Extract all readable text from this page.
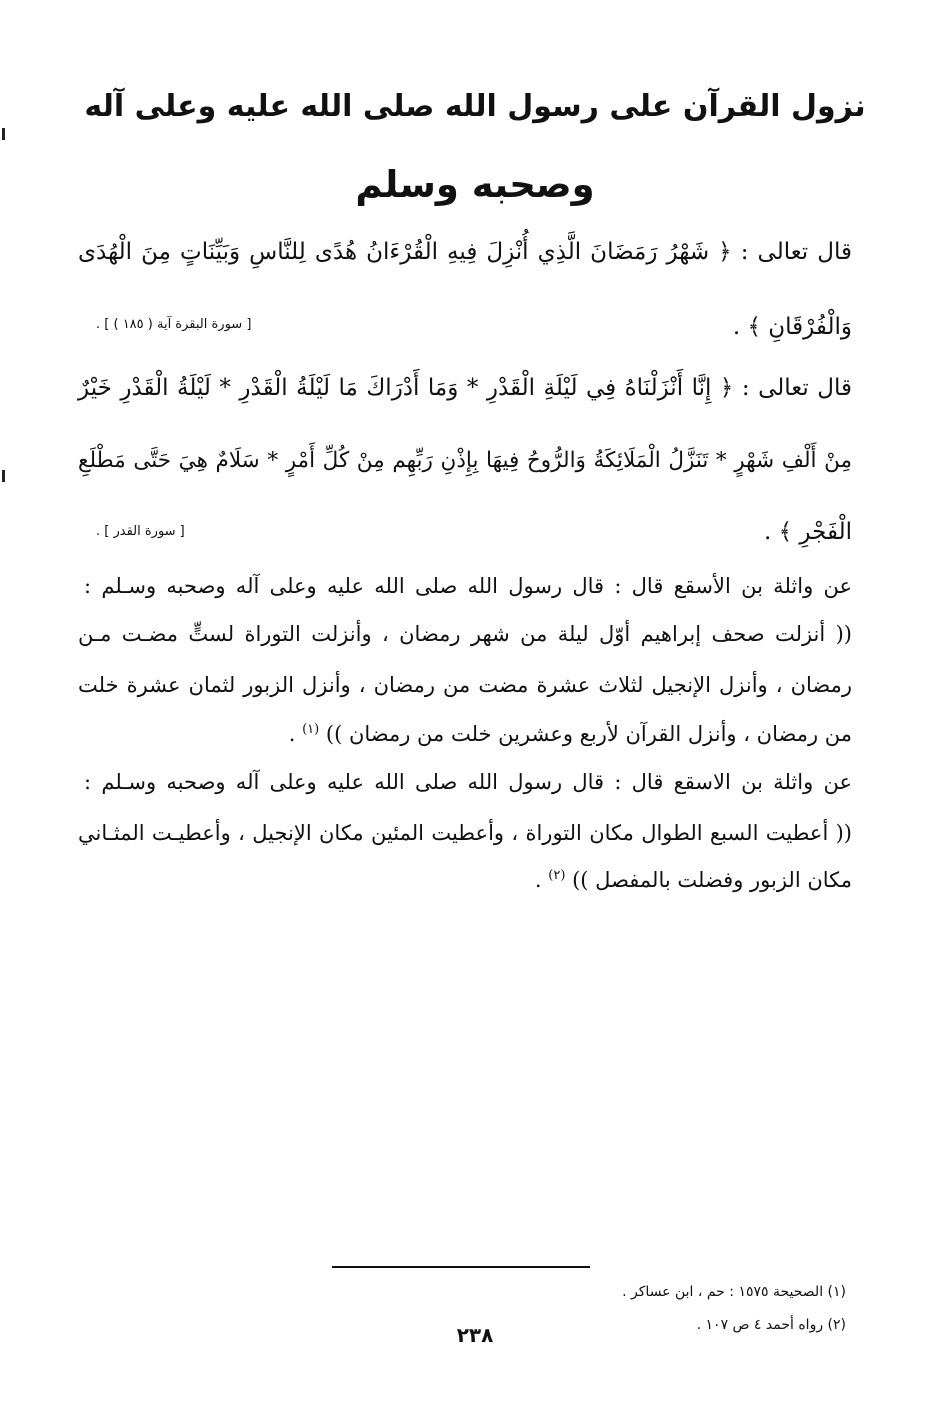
نزول القرآن على رسول الله صلى الله عليه وعلى آله
وصحبه وسلم
قال تعالى : ﴿ شَهْرُ رَمَضَانَ الَّذِي أُنْزِلَ فِيهِ الْقُرْءَانُ هُدًى لِلنَّاسِ وَبَيِّنَاتٍ مِنَ الْهُدَى
وَالْفُرْقَانِ ﴾ .
[ سورة البقرة آية ( ١٨٥ ) ] .
قال تعالى : ﴿ إِنَّا أَنْزَلْنَاهُ فِي لَيْلَةِ الْقَدْرِ * وَمَا أَدْرَاكَ مَا لَيْلَةُ الْقَدْرِ * لَيْلَةُ الْقَدْرِ خَيْرٌ
مِنْ أَلْفِ شَهْرٍ * تَنَزَّلُ الْمَلَائِكَةُ وَالرُّوحُ فِيهَا بِإِذْنِ رَبِّهِم مِنْ كُلِّ أَمْرٍ * سَلَامٌ هِيَ حَتَّى مَطْلَعِ
الْفَجْرِ ﴾ .
[ سورة القدر ] .
عن واثلة بن الأسقع قال : قال رسول الله صلى الله عليه وعلى آله وصحبه وسـلم :
(( أنزلت صحف إبراهيم أوّل ليلة من شهر رمضان ، وأنزلت التوراة لستٍّ مضـت مـن
رمضان ، وأنزل الإنجيل لثلاث عشرة مضت من رمضان ، وأنزل الزبور لثمان عشرة خلت
من رمضان ، وأنزل القرآن لأربع وعشرين خلت من رمضان )) $^{(١)}$ .
عن واثلة بن الاسقع قال : قال رسول الله صلى الله عليه وعلى آله وصحبه وسـلم :
(( أعطيت السبع الطوال مكان التوراة ، وأعطيت المئين مكان الإنجيل ، وأعطيـت المثـاني
مكان الزبور وفضلت بالمفصل )) $^{(٢)}$ .
(١) الصحيحة ١٥٧٥ : حم ، ابن عساكر .
(٢) رواه أحمد ٤ ص ١٠٧ .
٢٣٨
